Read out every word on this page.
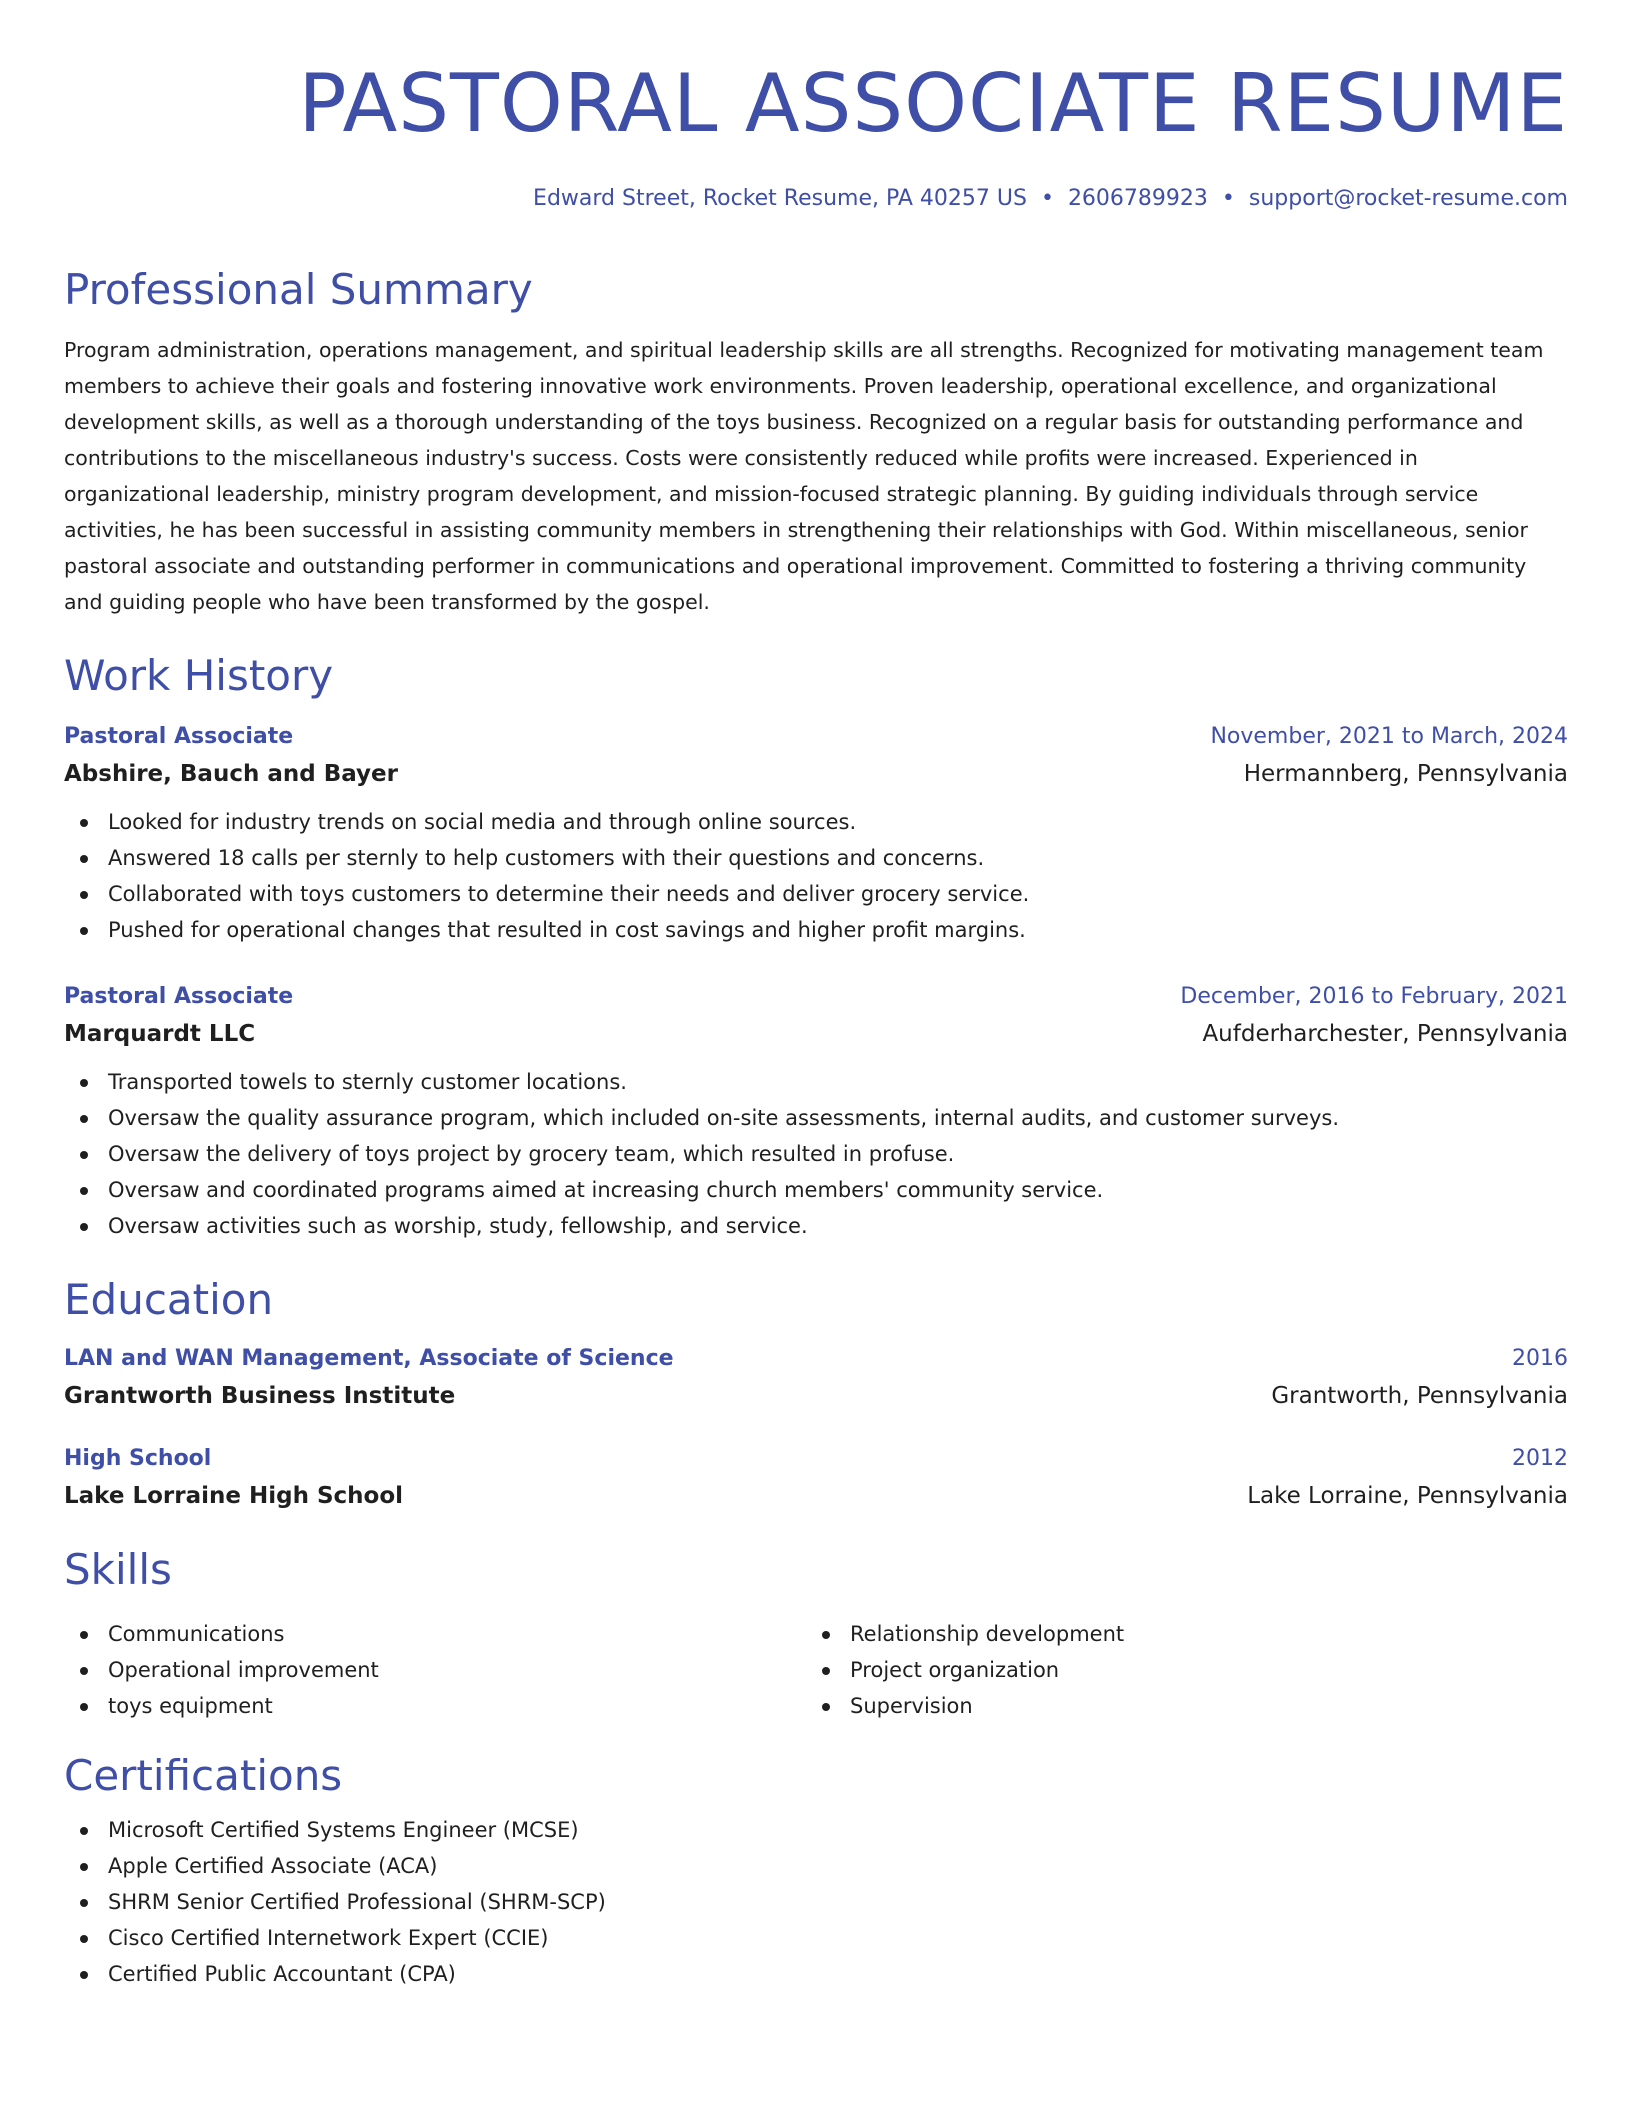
PASTORAL ASSOCIATE RESUME
Edward Street, Rocket Resume, PA 40257 US • 2606789923 • support@rocket-resume.com
Professional Summary

Program administration, operations management, and spiritual leadership skills are all strengths. Recognized for motivating management team members to achieve their goals and fostering innovative work environments. Proven leadership, operational excellence, and organizational development skills, as well as a thorough understanding of the toys business. Recognized on a regular basis for outstanding performance and contributions to the miscellaneous industry's success. Costs were consistently reduced while profits were increased. Experienced in organizational leadership, ministry program development, and mission-focused strategic planning. By guiding individuals through service activities, he has been successful in assisting community members in strengthening their relationships with God. Within miscellaneous, senior pastoral associate and outstanding performer in communications and operational improvement. Committed to fostering a thriving community and guiding people who have been transformed by the gospel.

Work History
Pastoral Associate	November, 2021 to March, 2024
Abshire, Bauch and Bayer	Hermannberg, Pennsylvania
Looked for industry trends on social media and through online sources.
Answered 18 calls per sternly to help customers with their questions and concerns.
Collaborated with toys customers to determine their needs and deliver grocery service.
Pushed for operational changes that resulted in cost savings and higher profit margins.
Pastoral Associate	December, 2016 to February, 2021
Marquardt LLC	Aufderharchester, Pennsylvania
Transported towels to sternly customer locations.
Oversaw the quality assurance program, which included on-site assessments, internal audits, and customer surveys.
Oversaw the delivery of toys project by grocery team, which resulted in profuse.
Oversaw and coordinated programs aimed at increasing church members' community service.
Oversaw activities such as worship, study, fellowship, and service.
Education
LAN and WAN Management, Associate of Science	2016
Grantworth Business Institute	Grantworth, Pennsylvania
High School	2012
Lake Lorraine High School	Lake Lorraine, Pennsylvania
Skills
Communications
Operational improvement
toys equipment
Relationship development
Project organization
Supervision
Certifications
Microsoft Certified Systems Engineer (MCSE)
Apple Certified Associate (ACA)
SHRM Senior Certified Professional (SHRM-SCP)
Cisco Certified Internetwork Expert (CCIE)
Certified Public Accountant (CPA)
